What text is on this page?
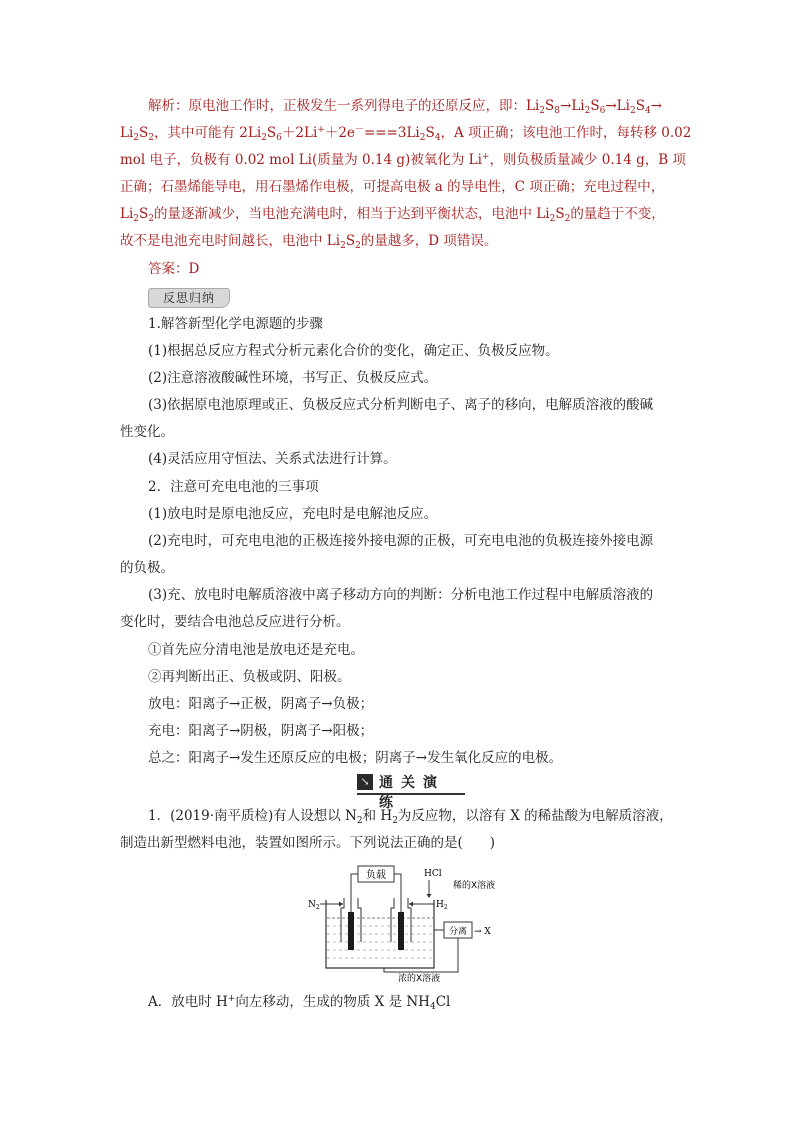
解析：原电池工作时，正极发生一系列得电子的还原反应，即：$Li_2S_8\to Li_2S_6\to Li_2S_4\to$
$Li_2S_2$，其中可能有 $2Li_2S_6+2Li^++2e^-===3Li_2S_4$，A 项正确；该电池工作时，每转移 0.02
mol 电子，负极有 0.02 mol Li(质量为 0.14 g)被氧化为 Li+，则负极质量减少 0.14 g，B 项
正确；石墨烯能导电，用石墨烯作电极，可提高电极 a 的导电性，C 项正确；充电过程中，
$Li_2S_2$的量逐渐减少，当电池充满电时，相当于达到平衡状态，电池中 $Li_2S_2$的量趋于不变，
故不是电池充电时间越长，电池中 $Li_2S_2$的量越多，D 项错误。
答案：D
反思归纳
1.解答新型化学电源题的步骤
(1)根据总反应方程式分析元素化合价的变化，确定正、负极反应物。
(2)注意溶液酸碱性环境，书写正、负极反应式。
(3)依据原电池原理或正、负极反应式分析判断电子、离子的移向，电解质溶液的酸碱
性变化。
(4)灵活应用守恒法、关系式法进行计算。
2．注意可充电电池的三事项
(1)放电时是原电池反应，充电时是电解池反应。
(2)充电时，可充电电池的正极连接外接电源的正极，可充电电池的负极连接外接电源
的负极。
(3)充、放电时电解质溶液中离子移动方向的判断：分析电池工作过程中电解质溶液的
变化时，要结合电池总反应进行分析。
①首先应分清电池是放电还是充电。
②再判断出正、负极或阴、阳极。
放电：阳离子→正极，阴离子→负极；
充电：阳离子→阴极，阴离子→阳极；
总之：阳离子→发生还原反应的电极；阴离子→发生氧化反应的电极。
↘ 通关演练
1．(2019·南平质检)有人设想以 $N_2$和 $H_2$为反应物，以溶有 X 的稀盐酸为电解质溶液，
制造出新型燃料电池，装置如图所示。下列说法正确的是(　　)
负载
$N_2$	$H_2$
HCl
稀的X溶液
分离 → X
浓的X溶液
A．放电时 H+向左移动，生成的物质 X 是 $NH_4Cl$
